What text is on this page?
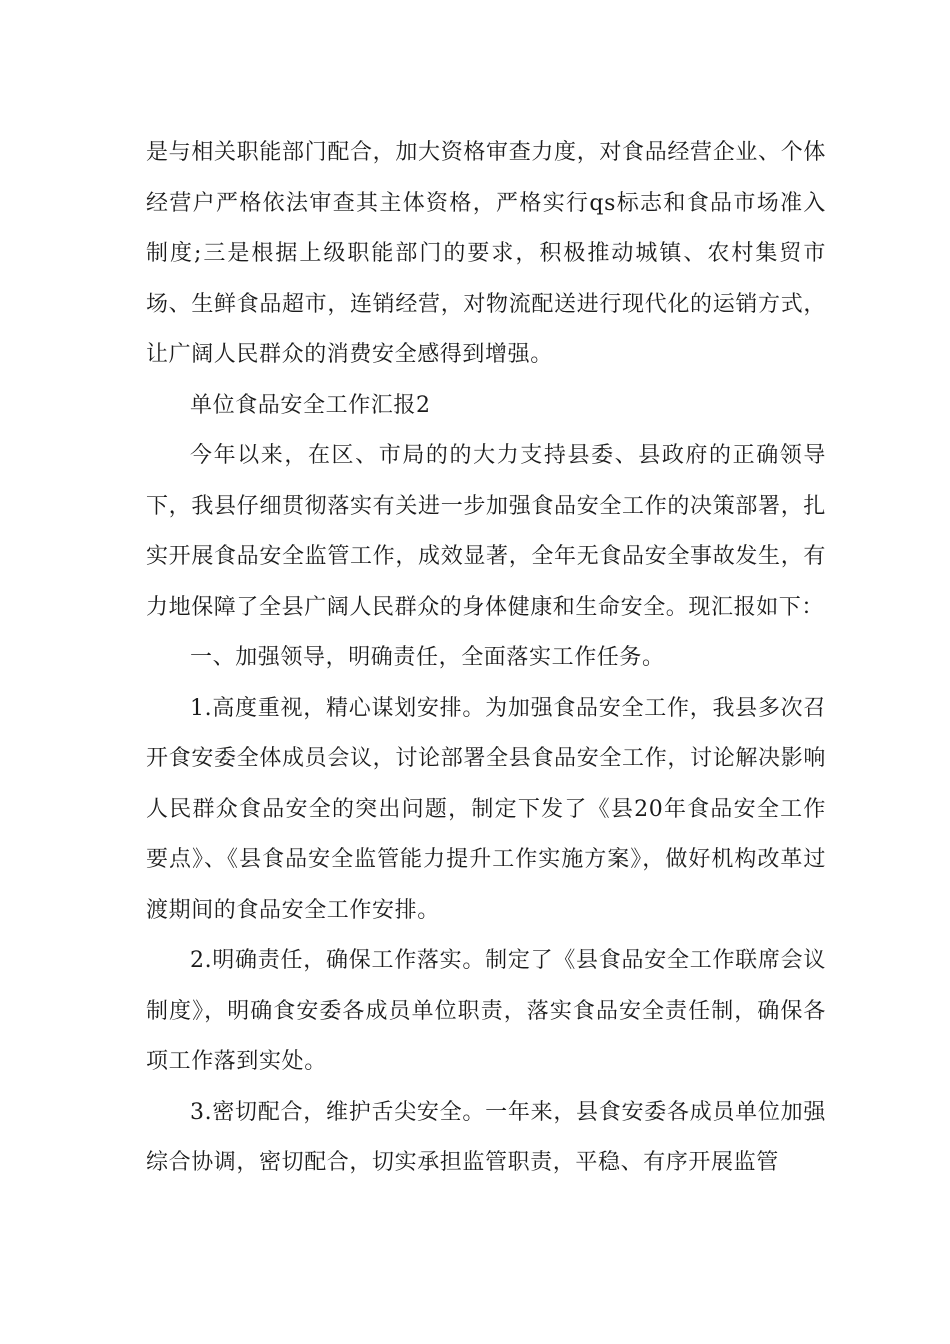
是与相关职能部门配合，加大资格审查力度，对食品经营企业、个体经营户严格依法审查其主体资格，严格实行qs标志和食品市场准入制度;三是根据上级职能部门的要求，积极推动城镇、农村集贸市场、生鲜食品超市，连销经营，对物流配送进行现代化的运销方式，让广阔人民群众的消费安全感得到增强。

单位食品安全工作汇报2

今年以来，在区、市局的的大力支持县委、县政府的正确领导下，我县仔细贯彻落实有关进一步加强食品安全工作的决策部署，扎实开展食品安全监管工作，成效显著，全年无食品安全事故发生，有力地保障了全县广阔人民群众的身体健康和生命安全。现汇报如下：

一、加强领导，明确责任，全面落实工作任务。

1.高度重视，精心谋划安排。为加强食品安全工作，我县多次召开食安委全体成员会议，讨论部署全县食品安全工作，讨论解决影响人民群众食品安全的突出问题，制定下发了《县20年食品安全工作要点》、《县食品安全监管能力提升工作实施方案》，做好机构改革过渡期间的食品安全工作安排。

2.明确责任，确保工作落实。制定了《县食品安全工作联席会议制度》，明确食安委各成员单位职责，落实食品安全责任制，确保各项工作落到实处。

3.密切配合，维护舌尖安全。一年来，县食安委各成员单位加强综合协调，密切配合，切实承担监管职责，平稳、有序开展监管
